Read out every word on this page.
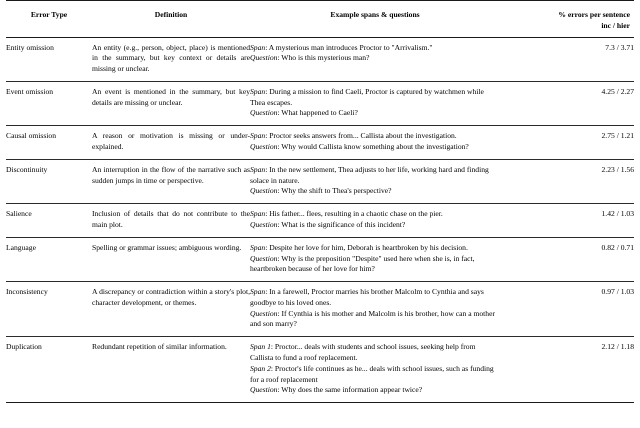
Error Type	Definition	Example spans & questions	% errors per sentence
inc / hier

Entity omission	An entity (e.g., person, object, place) is mentioned in the summary, but key context or details are missing or unclear.	Span: A mysterious man introduces Proctor to "Arrivalism."
Question: Who is this mysterious man?	7.3 / 3.71
Event omission	An event is mentioned in the summary, but key details are missing or unclear.	Span: During a mission to find Caeli, Proctor is captured by watchmen while Thea escapes.
Question: What happened to Caeli?	4.25 / 2.27
Causal omission	A reason or motivation is missing or under-explained.	Span: Proctor seeks answers from... Callista about the investigation.
Question: Why would Callista know something about the investigation?	2.75 / 1.21
Discontinuity	An interruption in the flow of the narrative such as sudden jumps in time or perspective.	Span: In the new settlement, Thea adjusts to her life, working hard and finding solace in nature.
Question: Why the shift to Thea's perspective?	2.23 / 1.56
Salience	Inclusion of details that do not contribute to the main plot.	Span: His father... flees, resulting in a chaotic chase on the pier.
Question: What is the significance of this incident?	1.42 / 1.03
Language	Spelling or grammar issues; ambiguous wording.	Span: Despite her love for him, Deborah is heartbroken by his decision.
Question: Why is the preposition "Despite" used here when she is, in fact, heartbroken because of her love for him?	0.82 / 0.71
Inconsistency	A discrepancy or contradiction within a story's plot, character development, or themes.	Span: In a farewell, Proctor marries his brother Malcolm to Cynthia and says goodbye to his loved ones.
Question: If Cynthia is his mother and Malcolm is his brother, how can a mother and son marry?	0.97 / 1.03
Duplication	Redundant repetition of similar information.	Span 1: Proctor... deals with students and school issues, seeking help from Callista to fund a roof replacement.
Span 2: Proctor's life continues as he... deals with school issues, such as funding for a roof replacement
Question: Why does the same information appear twice?	2.12 / 1.18
